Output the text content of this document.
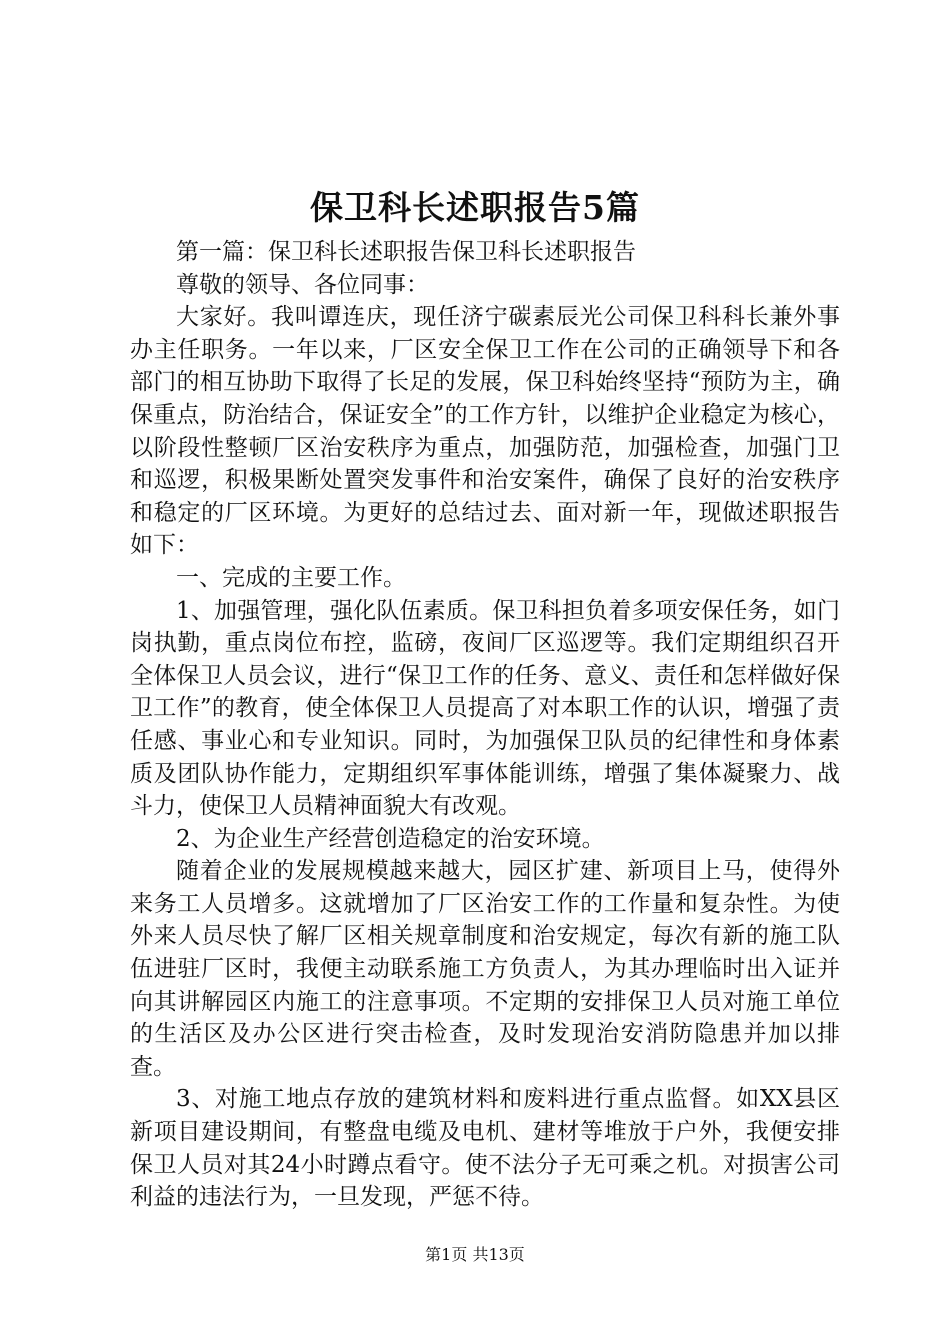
保卫科长述职报告5篇

第一篇：保卫科长述职报告保卫科长述职报告

尊敬的领导、各位同事：

大家好。我叫谭连庆，现任济宁碳素辰光公司保卫科科长兼外事办主任职务。一年以来，厂区安全保卫工作在公司的正确领导下和各部门的相互协助下取得了长足的发展，保卫科始终坚持“预防为主，确保重点，防治结合，保证安全”的工作方针，以维护企业稳定为核心，以阶段性整顿厂区治安秩序为重点，加强防范，加强检查，加强门卫和巡逻，积极果断处置突发事件和治安案件，确保了良好的治安秩序和稳定的厂区环境。为更好的总结过去、面对新一年，现做述职报告如下：

一、完成的主要工作。

1、加强管理，强化队伍素质。保卫科担负着多项安保任务，如门岗执勤，重点岗位布控，监磅，夜间厂区巡逻等。我们定期组织召开全体保卫人员会议，进行“保卫工作的任务、意义、责任和怎样做好保卫工作”的教育，使全体保卫人员提高了对本职工作的认识，增强了责任感、事业心和专业知识。同时，为加强保卫队员的纪律性和身体素质及团队协作能力，定期组织军事体能训练，增强了集体凝聚力、战斗力，使保卫人员精神面貌大有改观。

2、为企业生产经营创造稳定的治安环境。

随着企业的发展规模越来越大，园区扩建、新项目上马，使得外来务工人员增多。这就增加了厂区治安工作的工作量和复杂性。为使外来人员尽快了解厂区相关规章制度和治安规定，每次有新的施工队伍进驻厂区时，我便主动联系施工方负责人，为其办理临时出入证并向其讲解园区内施工的注意事项。不定期的安排保卫人员对施工单位的生活区及办公区进行突击检查，及时发现治安消防隐患并加以排查。

3、对施工地点存放的建筑材料和废料进行重点监督。如XX县区新项目建设期间，有整盘电缆及电机、建材等堆放于户外，我便安排保卫人员对其24小时蹲点看守。使不法分子无可乘之机。对损害公司利益的违法行为，一旦发现，严惩不待。

第1页 共13页
